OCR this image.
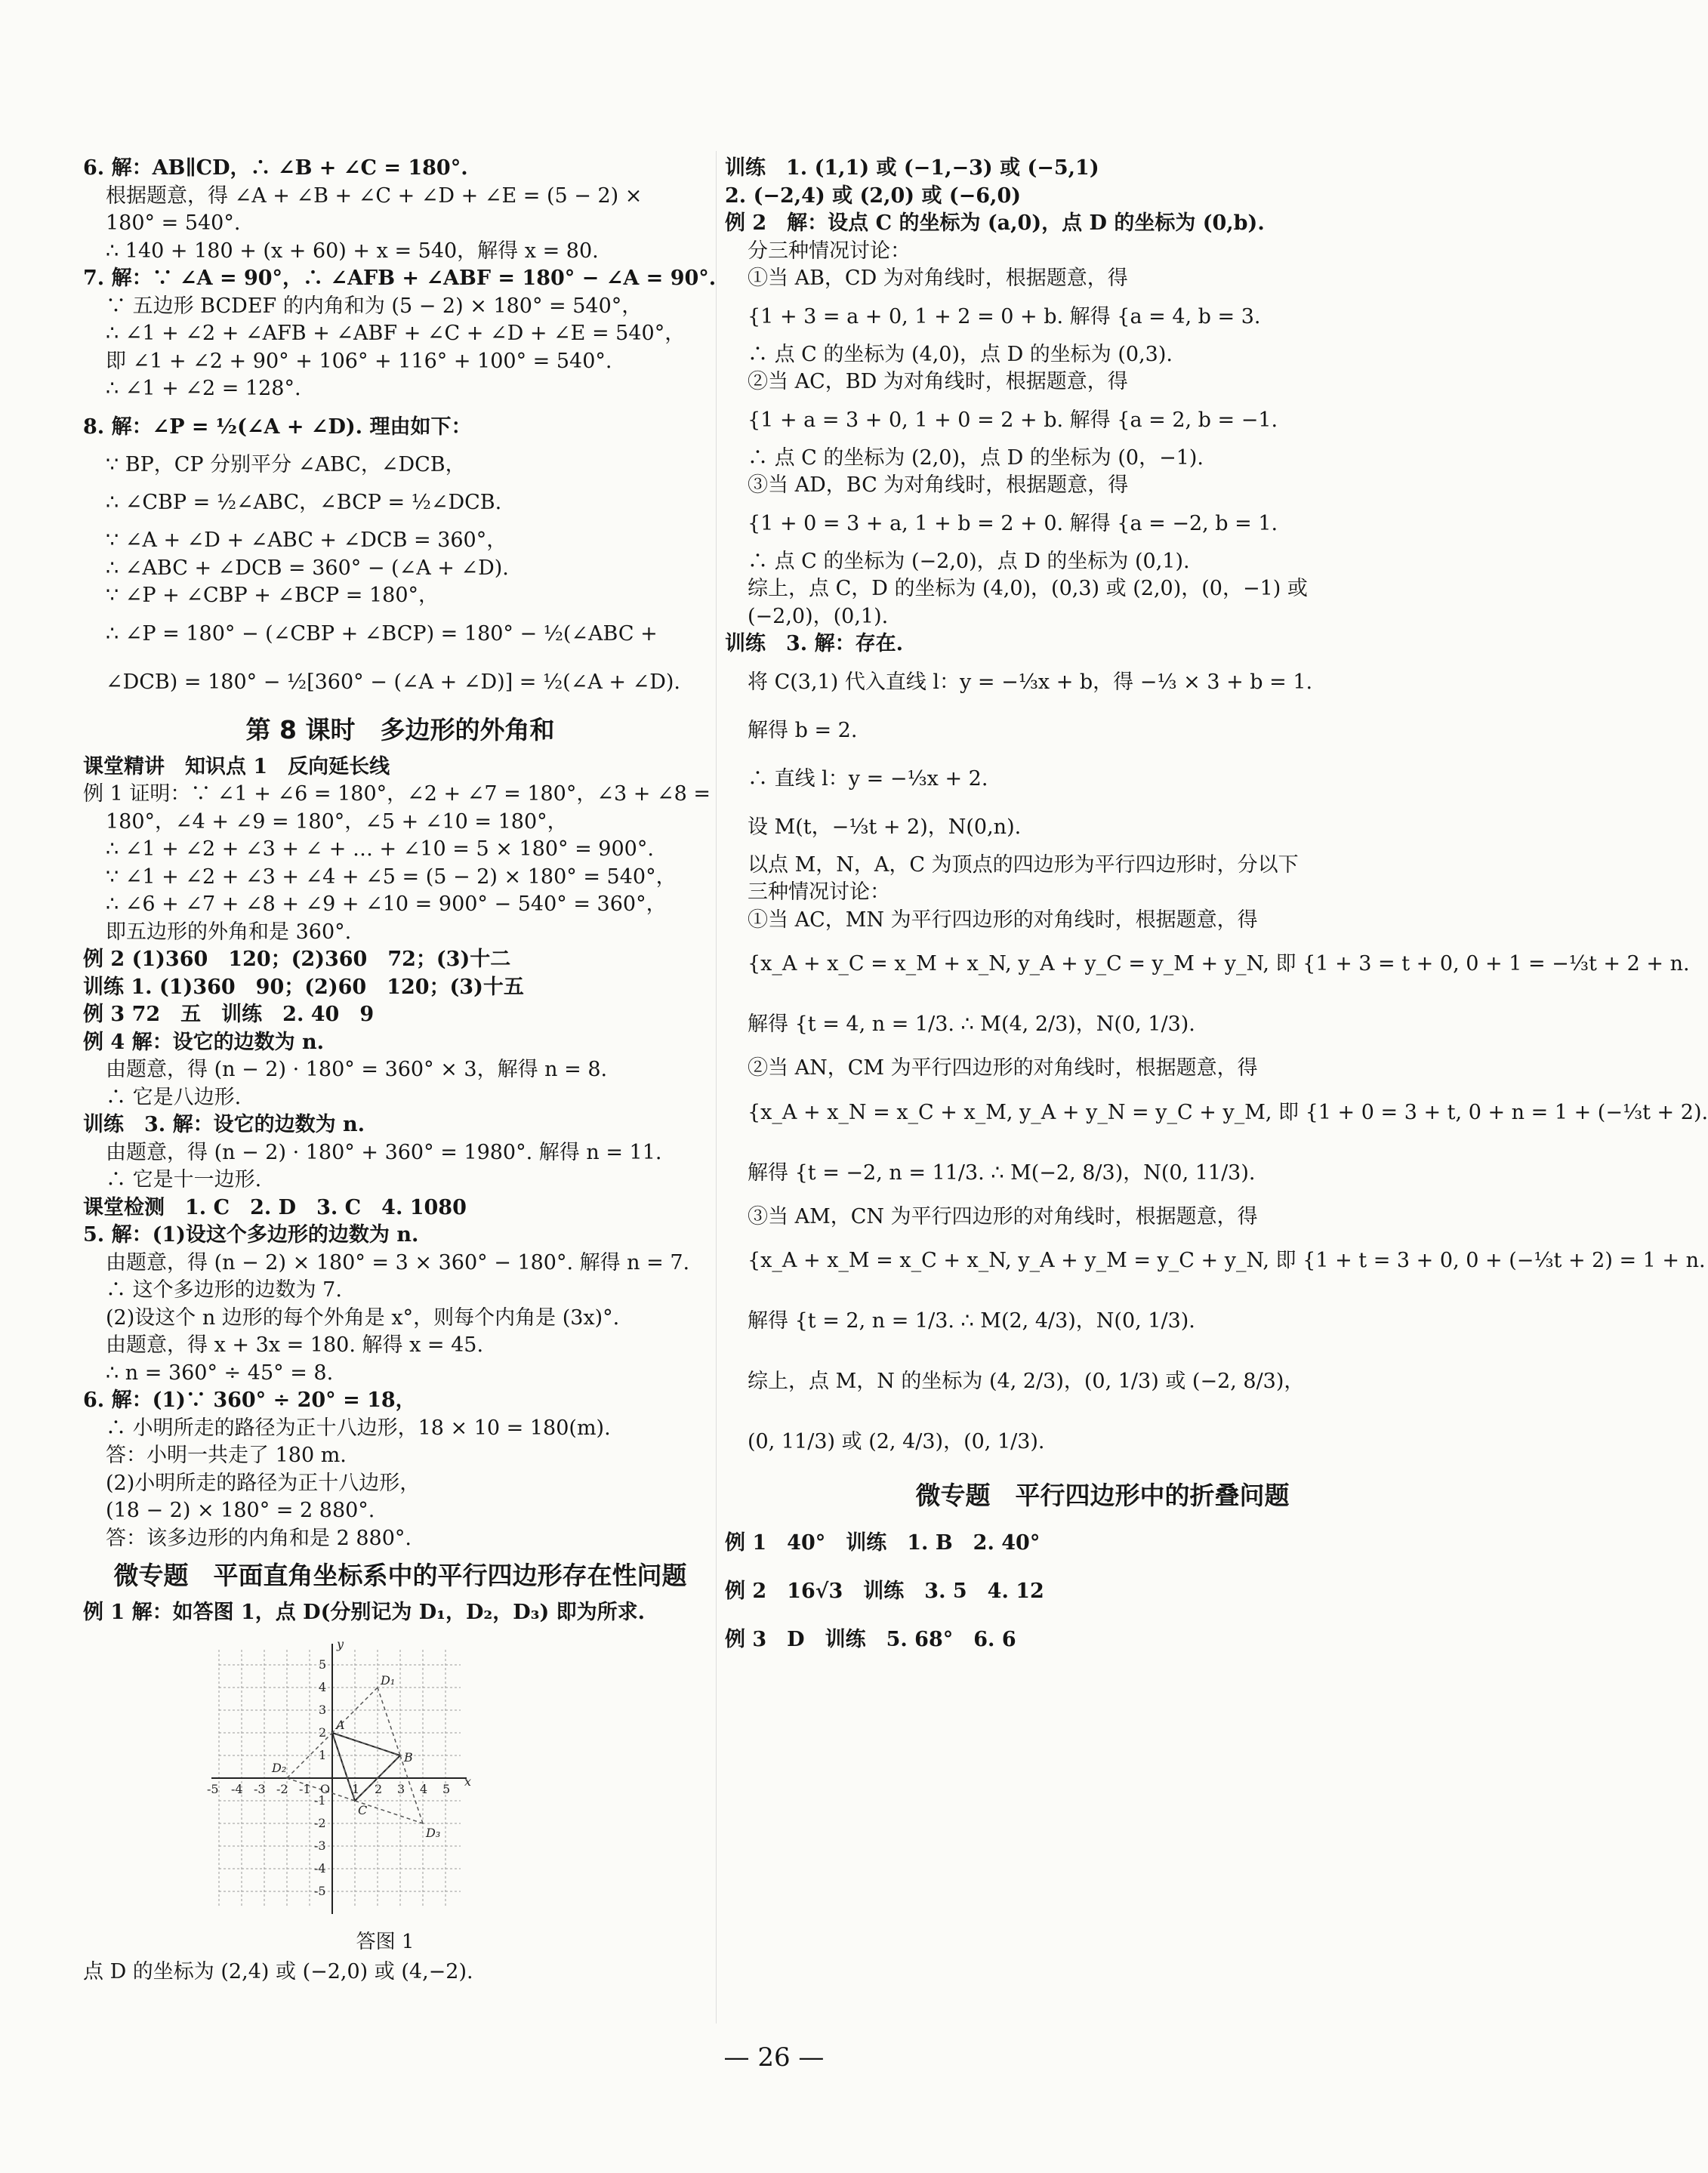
6. 解：AB∥CD，∴ ∠B + ∠C = 180°.
根据题意，得 ∠A + ∠B + ∠C + ∠D + ∠E = (5 − 2) ×
180° = 540°.
∴ 140 + 180 + (x + 60) + x = 540，解得 x = 80.
7. 解：∵ ∠A = 90°，∴ ∠AFB + ∠ABF = 180° − ∠A = 90°.
∵ 五边形 BCDEF 的内角和为 (5 − 2) × 180° = 540°，
∴ ∠1 + ∠2 + ∠AFB + ∠ABF + ∠C + ∠D + ∠E = 540°，
即 ∠1 + ∠2 + 90° + 106° + 116° + 100° = 540°.
∴ ∠1 + ∠2 = 128°.
8. 解：∠P = ½(∠A + ∠D). 理由如下：
∵ BP，CP 分别平分 ∠ABC，∠DCB，
∴ ∠CBP = ½∠ABC，∠BCP = ½∠DCB.
∵ ∠A + ∠D + ∠ABC + ∠DCB = 360°，
∴ ∠ABC + ∠DCB = 360° − (∠A + ∠D).
∵ ∠P + ∠CBP + ∠BCP = 180°，
∴ ∠P = 180° − (∠CBP + ∠BCP) = 180° − ½(∠ABC +
∠DCB) = 180° − ½[360° − (∠A + ∠D)] = ½(∠A + ∠D).
第 8 课时　多边形的外角和
课堂精讲　知识点 1　反向延长线
例 1 证明：∵ ∠1 + ∠6 = 180°，∠2 + ∠7 = 180°，∠3 + ∠8 =
180°，∠4 + ∠9 = 180°，∠5 + ∠10 = 180°，
∴ ∠1 + ∠2 + ∠3 + ∠ + … + ∠10 = 5 × 180° = 900°.
∵ ∠1 + ∠2 + ∠3 + ∠4 + ∠5 = (5 − 2) × 180° = 540°，
∴ ∠6 + ∠7 + ∠8 + ∠9 + ∠10 = 900° − 540° = 360°，
即五边形的外角和是 360°.
例 2 (1)360　120；(2)360　72；(3)十二
训练 1. (1)360　90；(2)60　120；(3)十五
例 3 72　五　训练　2. 40　9
例 4 解：设它的边数为 n.
由题意，得 (n − 2) · 180° = 360° × 3，解得 n = 8.
∴ 它是八边形.
训练　3. 解：设它的边数为 n.
由题意，得 (n − 2) · 180° + 360° = 1980°. 解得 n = 11.
∴ 它是十一边形.
课堂检测　1. C　2. D　3. C　4. 1080
5. 解：(1)设这个多边形的边数为 n.
由题意，得 (n − 2) × 180° = 3 × 360° − 180°. 解得 n = 7.
∴ 这个多边形的边数为 7.
(2)设这个 n 边形的每个外角是 x°，则每个内角是 (3x)°.
由题意，得 x + 3x = 180. 解得 x = 45.
∴ n = 360° ÷ 45° = 8.
6. 解：(1)∵ 360° ÷ 20° = 18，
∴ 小明所走的路径为正十八边形，18 × 10 = 180(m).
答：小明一共走了 180 m.
(2)小明所走的路径为正十八边形，
(18 − 2) × 180° = 2 880°.
答：该多边形的内角和是 2 880°.
微专题　平面直角坐标系中的平行四边形存在性问题
例 1 解：如答图 1，点 D(分别记为 D₁，D₂，D₃) 即为所求.
-5 -4 -3 -2 -1 O 1 2 3 4 5
x
5
4
3
2
1
-1
-2
-3
-4
-5
y
A
B
C
D₁
D₂
D₃
答图 1
点 D 的坐标为 (2,4) 或 (−2,0) 或 (4,−2).
训练　1. (1,1) 或 (−1,−3) 或 (−5,1)
2. (−2,4) 或 (2,0) 或 (−6,0)
例 2　解：设点 C 的坐标为 (a,0)，点 D 的坐标为 (0,b).
分三种情况讨论：
①当 AB，CD 为对角线时，根据题意，得
{1 + 3 = a + 0, 1 + 2 = 0 + b. 解得 {a = 4, b = 3.
∴ 点 C 的坐标为 (4,0)，点 D 的坐标为 (0,3).
②当 AC，BD 为对角线时，根据题意，得
{1 + a = 3 + 0, 1 + 0 = 2 + b. 解得 {a = 2, b = −1.
∴ 点 C 的坐标为 (2,0)，点 D 的坐标为 (0，−1).
③当 AD，BC 为对角线时，根据题意，得
{1 + 0 = 3 + a, 1 + b = 2 + 0. 解得 {a = −2, b = 1.
∴ 点 C 的坐标为 (−2,0)，点 D 的坐标为 (0,1).
综上，点 C，D 的坐标为 (4,0)，(0,3) 或 (2,0)，(0，−1) 或
(−2,0)，(0,1).
训练　3. 解：存在.
将 C(3,1) 代入直线 l：y = −⅓x + b，得 −⅓ × 3 + b = 1.
解得 b = 2.
∴ 直线 l：y = −⅓x + 2.
设 M(t，−⅓t + 2)，N(0,n).
以点 M，N，A，C 为顶点的四边形为平行四边形时，分以下
三种情况讨论：
①当 AC，MN 为平行四边形的对角线时，根据题意，得
{x_A + x_C = x_M + x_N, y_A + y_C = y_M + y_N, 即 {1 + 3 = t + 0, 0 + 1 = −⅓t + 2 + n.
解得 {t = 4, n = 1/3. ∴ M(4, 2/3)，N(0, 1/3).
②当 AN，CM 为平行四边形的对角线时，根据题意，得
{x_A + x_N = x_C + x_M, y_A + y_N = y_C + y_M, 即 {1 + 0 = 3 + t, 0 + n = 1 + (−⅓t + 2).
解得 {t = −2, n = 11/3. ∴ M(−2, 8/3)，N(0, 11/3).
③当 AM，CN 为平行四边形的对角线时，根据题意，得
{x_A + x_M = x_C + x_N, y_A + y_M = y_C + y_N, 即 {1 + t = 3 + 0, 0 + (−⅓t + 2) = 1 + n.
解得 {t = 2, n = 1/3. ∴ M(2, 4/3)，N(0, 1/3).
综上，点 M，N 的坐标为 (4, 2/3)，(0, 1/3) 或 (−2, 8/3)，
(0, 11/3) 或 (2, 4/3)，(0, 1/3).
微专题　平行四边形中的折叠问题
例 1　40°　训练　1. B　2. 40°
例 2　16√3　训练　3. 5　4. 12
例 3　D　训练　5. 68°　6. 6
— 26 —
